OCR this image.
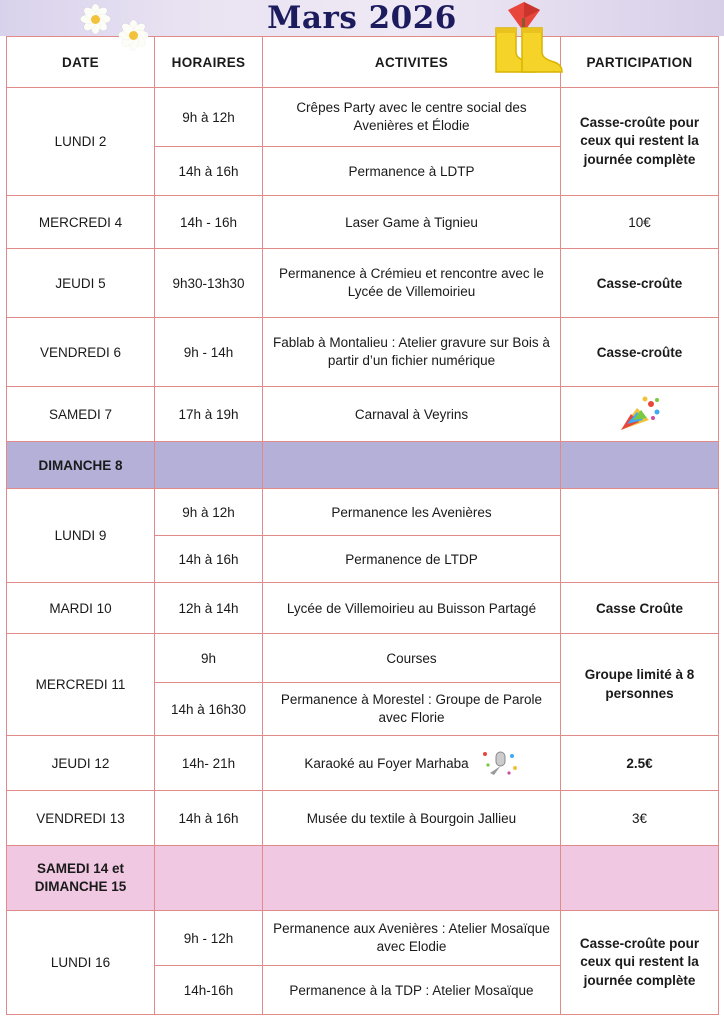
Mars 2026
DATE	HORAIRES	ACTIVITES	PARTICIPATION
LUNDI 2	9h à 12h	Crêpes Party avec le centre social des Avenières et Élodie	Casse-croûte pour ceux qui restent la journée complète
	14h à 16h	Permanence à LDTP	
MERCREDI 4	14h - 16h	Laser Game à Tignieu	10€
JEUDI 5	9h30-13h30	Permanence à Crémieu et rencontre avec le Lycée de Villemoirieu	Casse-croûte
VENDREDI 6	9h - 14h	Fablab à Montalieu : Atelier gravure sur Bois à partir d’un fichier numérique	Casse-croûte
SAMEDI 7	17h à 19h	Carnaval à Veyrins	
DIMANCHE 8			
LUNDI 9	9h à 12h	Permanence les Avenières	
	14h à 16h	Permanence de LTDP	
MARDI 10	12h à 14h	Lycée de Villemoirieu au Buisson Partagé	Casse Croûte
MERCREDI 11	9h	Courses	Groupe limité à 8 personnes
	14h à 16h30	Permanence à Morestel : Groupe de Parole avec Florie	
JEUDI 12	14h- 21h	Karaoké au Foyer Marhaba	2.5€
VENDREDI 13	14h à 16h	Musée du textile à Bourgoin Jallieu	3€
SAMEDI 14 et DIMANCHE 15			
LUNDI 16	9h - 12h	Permanence aux Avenières : Atelier Mosaïque avec Elodie	Casse-croûte pour ceux qui restent la journée complète
	14h-16h	Permanence à la TDP : Atelier Mosaïque	
